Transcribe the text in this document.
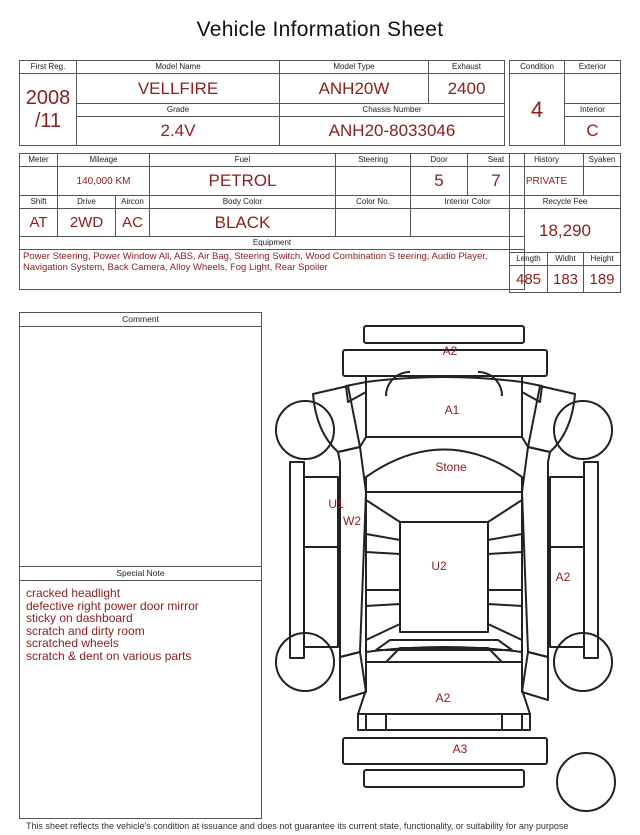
Vehicle Information Sheet
First Reg.	Model Name	Model Type	Exhaust

2008
/11	VELLFIRE	ANH20W	2400
	Grade	Chassis Number	
	2.4V	ANH20-8033046	
Condition	Exterior
4	
	Interior
	C
Meter	Mileage		Fuel	Steering	Door	Seat
	140,000 KM		PETROL		5	7
Shift	Drive	Aircon	Body Color	Color No.	Interior Color	
AT	2WD	AC	BLACK			
Equipment						
Power Steering, Power Window All, ABS, Air Bag, Steering Switch, Wood Combination S teering, Audio Player, Navigation System, Back Camera, Alloy Wheels, Fog Light, Rear Spoiler						
History		Syaken
PRIVATE		
Recycle Fee		
18,290		
Length	Widht	Height
485	183	189
Comment
Special Note
cracked headlight
defective right power door mirror
sticky on dashboard
scratch and dirty room
scratched wheels
scratch & dent on various parts
A2
A1
Stone
U1
W2
U2
A2
A2
A3
This sheet reflects the vehicle's condition at issuance and does not guarantee its current state, functionality, or suitability for any purpose
